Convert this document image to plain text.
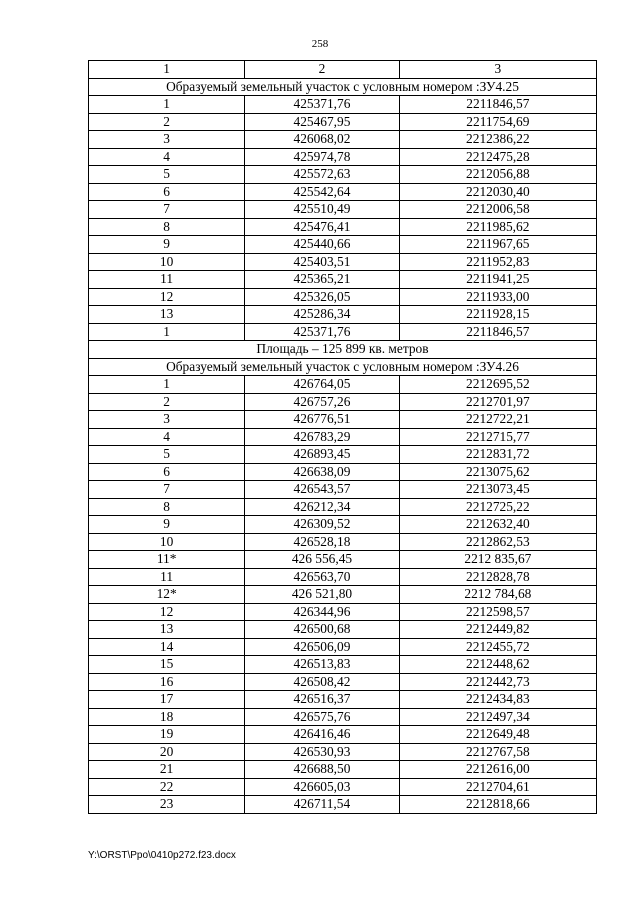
258
1	2	3
Образуемый земельный участок с условным номером :ЗУ4.25		
1	425371,76	2211846,57
2	425467,95	2211754,69
3	426068,02	2212386,22
4	425974,78	2212475,28
5	425572,63	2212056,88
6	425542,64	2212030,40
7	425510,49	2212006,58
8	425476,41	2211985,62
9	425440,66	2211967,65
10	425403,51	2211952,83
11	425365,21	2211941,25
12	425326,05	2211933,00
13	425286,34	2211928,15
1	425371,76	2211846,57
Площадь – 125 899 кв. метров		
Образуемый земельный участок с условным номером :ЗУ4.26		
1	426764,05	2212695,52
2	426757,26	2212701,97
3	426776,51	2212722,21
4	426783,29	2212715,77
5	426893,45	2212831,72
6	426638,09	2213075,62
7	426543,57	2213073,45
8	426212,34	2212725,22
9	426309,52	2212632,40
10	426528,18	2212862,53
11*	426 556,45	2212 835,67
11	426563,70	2212828,78
12*	426 521,80	2212 784,68
12	426344,96	2212598,57
13	426500,68	2212449,82
14	426506,09	2212455,72
15	426513,83	2212448,62
16	426508,42	2212442,73
17	426516,37	2212434,83
18	426575,76	2212497,34
19	426416,46	2212649,48
20	426530,93	2212767,58
21	426688,50	2212616,00
22	426605,03	2212704,61
23	426711,54	2212818,66
Y:\ORST\Ppo\0410p272.f23.docx
